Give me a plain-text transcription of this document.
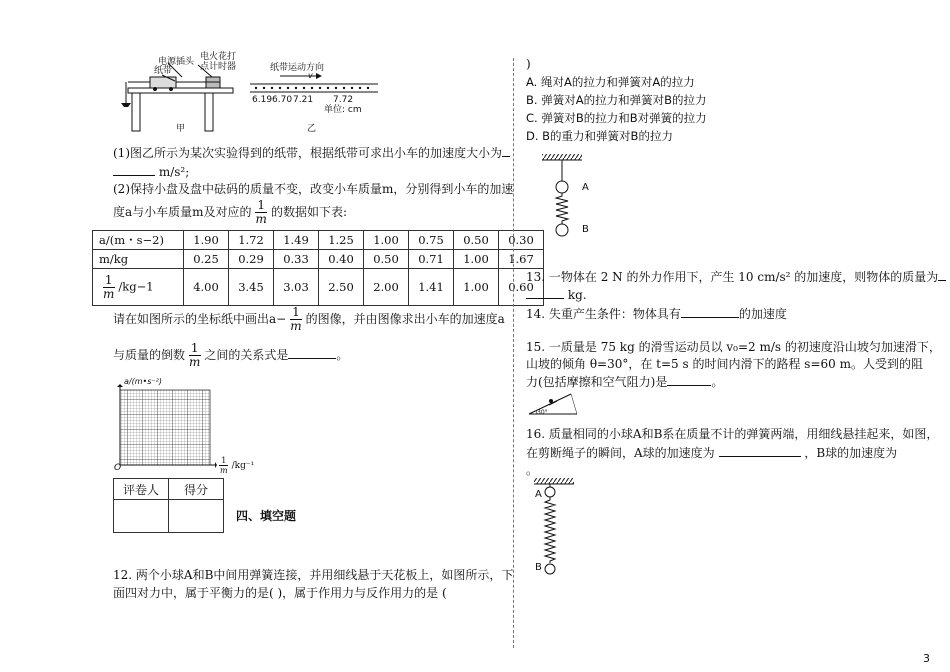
电源插头
纸带
电火花打
点计时器
甲
纸带运动方向
v
6.19 6.70 7.21 7.72
单位: cm
乙
(1)图乙所示为某次实验得到的纸带，根据纸带可求出小车的加速度大小为
m/s²;
(2)保持小盘及盘中砝码的质量不变，改变小车质量m，分别得到小车的加速
度a与小车质量m及对应的 $\frac{1}{m}$ 的数据如下表:
a/(m・s−2)	1.90	1.72	1.49	1.25	1.00	0.75	0.50	0.30
m/kg	0.25	0.29	0.33	0.40	0.50	0.71	1.00	1.67

$\frac{1}{m} /kg-1$	4.00	3.45	3.03	2.50	2.00	1.41	1.00	0.60
请在如图所示的坐标纸中画出$a- \frac{1}{m}$ 的图像，并由图像求出小车的加速度a
与质量的倒数 $\frac{1}{m}$ 之间的关系式是	。
a/(m•s⁻²)
O	$\frac{1}{m} /kg^{-1}$
评卷人	得分

四、填空题
12. 两个小球A和B中间用弹簧连接，并用细线悬于天花板上，如图所示，下
面四对力中，属于平衡力的是( )，属于作用力与反作用力的是 (
)
A. 绳对A的拉力和弹簧对A的拉力
B. 弹簧对A的拉力和弹簧对B的拉力
C. 弹簧对B的拉力和B对弹簧的拉力
D. B的重力和弹簧对B的拉力
A
B
13. 一物体在 2 N 的外力作用下，产生 10 cm/s² 的加速度，则物体的质量为
kg.
14. 失重产生条件：物体具有	的加速度
15. 一质量是 75 kg 的滑雪运动员以 v₀=2 m/s 的初速度沿山坡匀加速滑下，
山坡的倾角 θ=30°，在 t=5 s 的时间内滑下的路程 s=60 m。人受到的阻
力(包括摩擦和空气阻力)是	。
30°
16. 质量相同的小球A和B系在质量不计的弹簧两端，用细线悬挂起来，如图，
在剪断绳子的瞬间，A球的加速度为	，B球的加速度为
。
A
B
3
